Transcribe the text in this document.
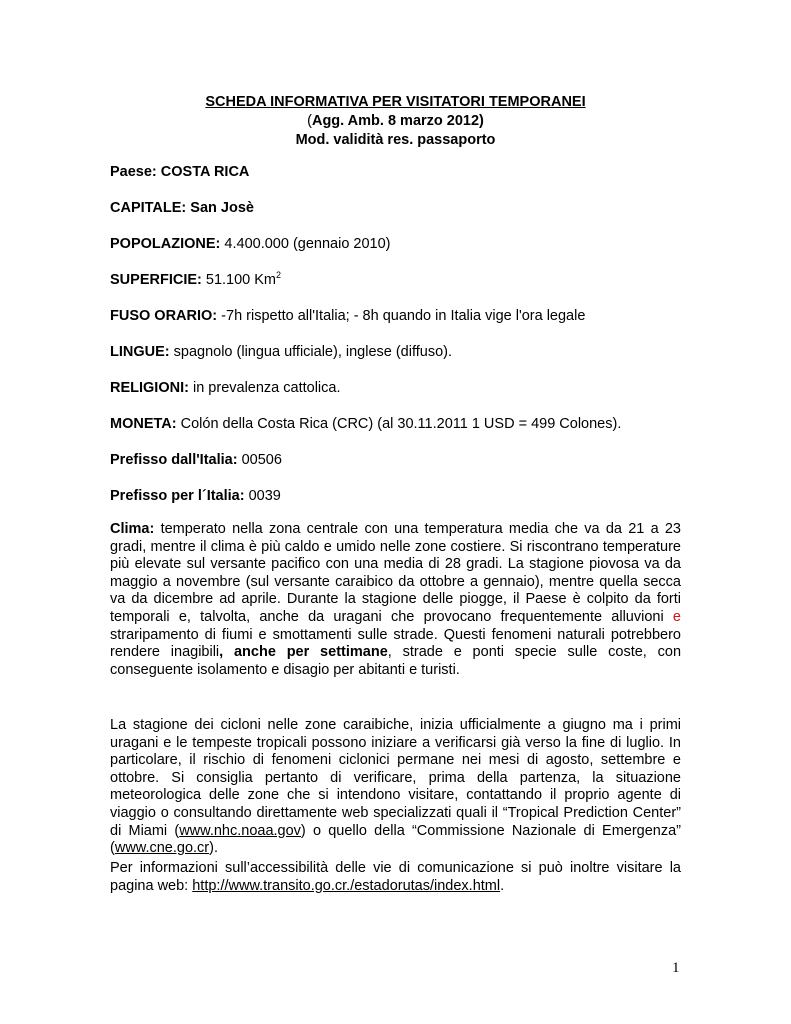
SCHEDA INFORMATIVA PER VISITATORI TEMPORANEI
(Agg. Amb. 8 marzo 2012)
Mod. validità res. passaporto
Paese: COSTA RICA
CAPITALE: San Josè
POPOLAZIONE: 4.400.000 (gennaio 2010)
SUPERFICIE: 51.100 Km$^2$
FUSO ORARIO: -7h rispetto all'Italia; - 8h quando in Italia vige l'ora legale
LINGUE: spagnolo (lingua ufficiale), inglese (diffuso).
RELIGIONI: in prevalenza cattolica.
MONETA: Colón della Costa Rica (CRC) (al 30.11.2011 1 USD = 499 Colones).
Prefisso dall'Italia: 00506
Prefisso per l´Italia: 0039

Clima: temperato nella zona centrale con una temperatura media che va da 21 a 23 gradi, mentre il clima è più caldo e umido nelle zone costiere. Si riscontrano temperature più elevate sul versante pacifico con una media di 28 gradi. La stagione piovosa va da maggio a novembre (sul versante caraibico da ottobre a gennaio), mentre quella secca va da dicembre ad aprile. Durante la stagione delle piogge, il Paese è colpito da forti temporali e, talvolta, anche da uragani che provocano frequentemente alluvioni e straripamento di fiumi e smottamenti sulle strade. Questi fenomeni naturali potrebbero rendere inagibili, anche per settimane, strade e ponti specie sulle coste, con conseguente isolamento e disagio per abitanti e turisti.

La stagione dei cicloni nelle zone caraibiche, inizia ufficialmente a giugno ma i primi uragani e le tempeste tropicali possono iniziare a verificarsi già verso la fine di luglio. In particolare, il rischio di fenomeni ciclonici permane nei mesi di agosto, settembre e ottobre. Si consiglia pertanto di verificare, prima della partenza, la situazione meteorologica delle zone che si intendono visitare, contattando il proprio agente di viaggio o consultando direttamente web specializzati quali il “Tropical Prediction Center” di Miami (www.nhc.noaa.gov) o quello della “Commissione Nazionale di Emergenza” (www.cne.go.cr).

Per informazioni sull’accessibilità delle vie di comunicazione si può inoltre visitare la pagina web: http://www.transito.go.cr./estadorutas/index.html.

1
